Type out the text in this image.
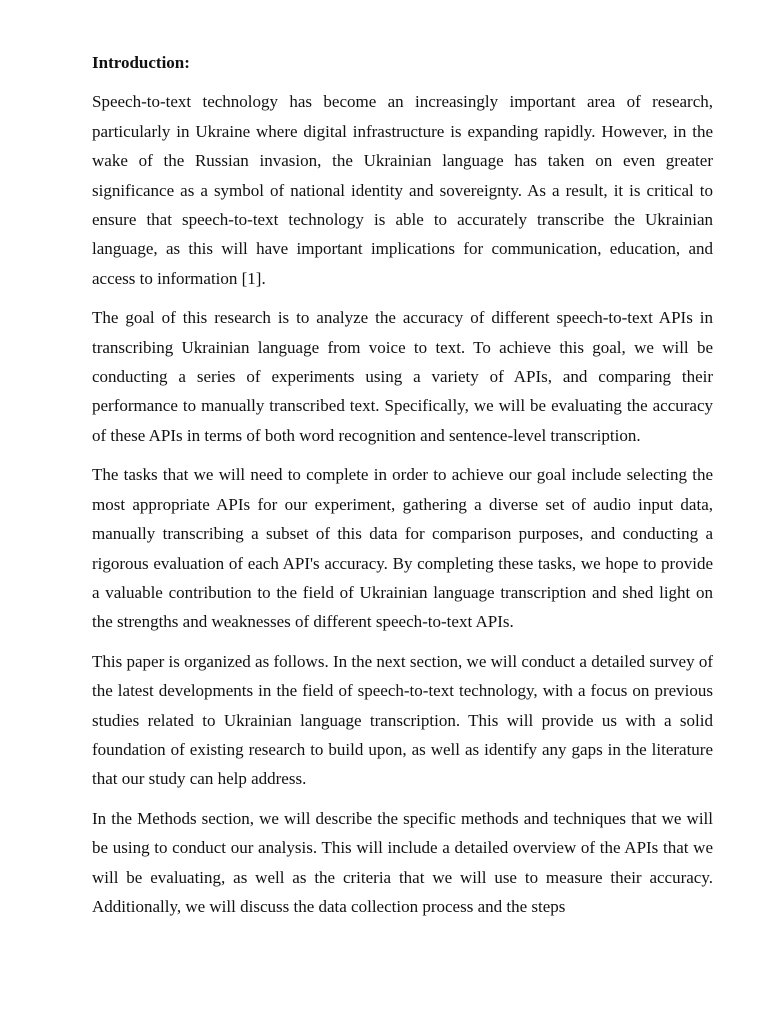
Introduction:

Speech-to-text technology has become an increasingly important area of research, particularly in Ukraine where digital infrastructure is expanding rapidly. However, in the wake of the Russian invasion, the Ukrainian language has taken on even greater significance as a symbol of national identity and sovereignty. As a result, it is critical to ensure that speech-to-text technology is able to accurately transcribe the Ukrainian language, as this will have important implications for communication, education, and access to information [1].

The goal of this research is to analyze the accuracy of different speech-to-text APIs in transcribing Ukrainian language from voice to text. To achieve this goal, we will be conducting a series of experiments using a variety of APIs, and comparing their performance to manually transcribed text. Specifically, we will be evaluating the accuracy of these APIs in terms of both word recognition and sentence-level transcription.

The tasks that we will need to complete in order to achieve our goal include selecting the most appropriate APIs for our experiment, gathering a diverse set of audio input data, manually transcribing a subset of this data for comparison purposes, and conducting a rigorous evaluation of each API's accuracy. By completing these tasks, we hope to provide a valuable contribution to the field of Ukrainian language transcription and shed light on the strengths and weaknesses of different speech-to-text APIs.

This paper is organized as follows. In the next section, we will conduct a detailed survey of the latest developments in the field of speech-to-text technology, with a focus on previous studies related to Ukrainian language transcription. This will provide us with a solid foundation of existing research to build upon, as well as identify any gaps in the literature that our study can help address.

In the Methods section, we will describe the specific methods and techniques that we will be using to conduct our analysis. This will include a detailed overview of the APIs that we will be evaluating, as well as the criteria that we will use to measure their accuracy. Additionally, we will discuss the data collection process and the steps
